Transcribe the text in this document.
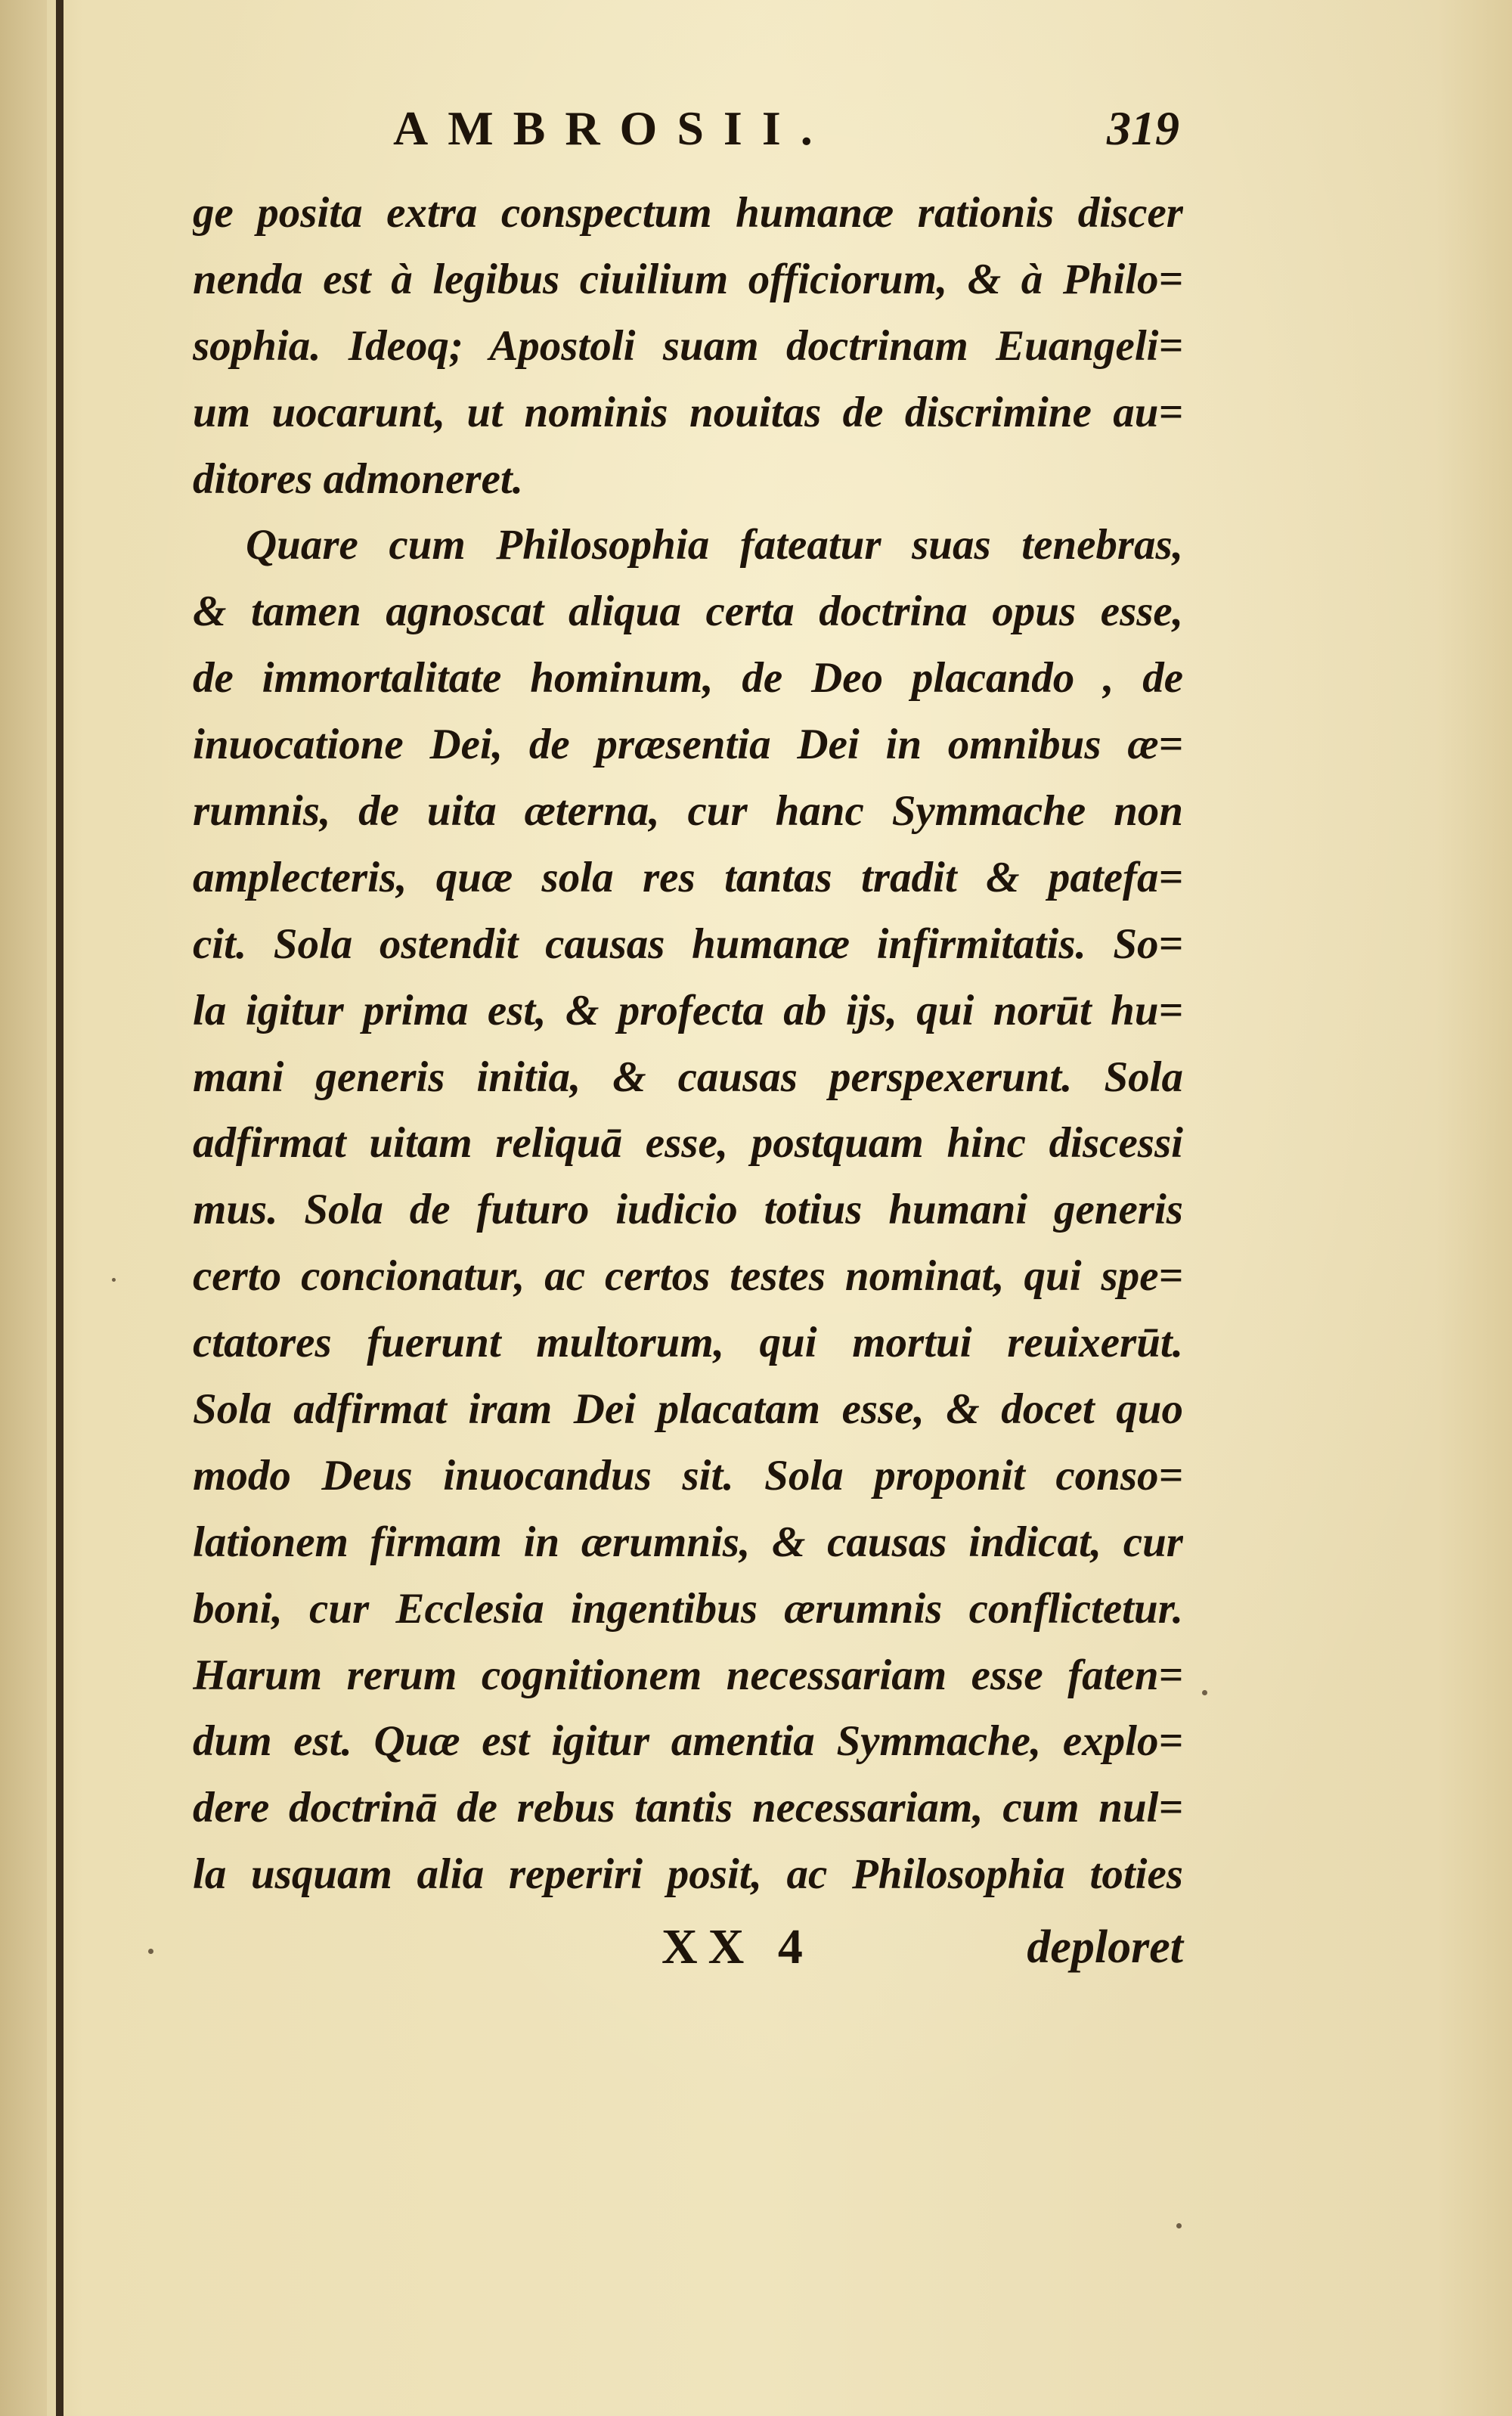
AMBROSII.	319
ge posita extra conspectum humanæ rationis discer
nenda est à legibus ciuilium officiorum, & à Philo=
sophia. Ideoq; Apostoli suam doctrinam Euangeli=
um uocarunt, ut nominis nouitas de discrimine au=
ditores admoneret.
Quare cum Philosophia fateatur suas tenebras,
& tamen agnoscat aliqua certa doctrina opus esse,
de immortalitate hominum, de Deo placando , de
inuocatione Dei, de præsentia Dei in omnibus æ=
rumnis, de uita æterna, cur hanc Symmache non
amplecteris, quæ sola res tantas tradit & patefa=
cit. Sola ostendit causas humanæ infirmitatis. So=
la igitur prima est, & profecta ab ijs, qui norūt hu=
mani generis initia, & causas perspexerunt. Sola
adfirmat uitam reliquā esse, postquam hinc discessi
mus. Sola de futuro iudicio totius humani generis
certo concionatur, ac certos testes nominat, qui spe=
ctatores fuerunt multorum, qui mortui reuixerūt.
Sola adfirmat iram Dei placatam esse, & docet quo
modo Deus inuocandus sit. Sola proponit conso=
lationem firmam in ærumnis, & causas indicat, cur
boni, cur Ecclesia ingentibus ærumnis conflictetur.
Harum rerum cognitionem necessariam esse faten=
dum est. Quæ est igitur amentia Symmache, explo=
dere doctrinā de rebus tantis necessariam, cum nul=
la usquam alia reperiri posit, ac Philosophia toties
XX 4	deploret
